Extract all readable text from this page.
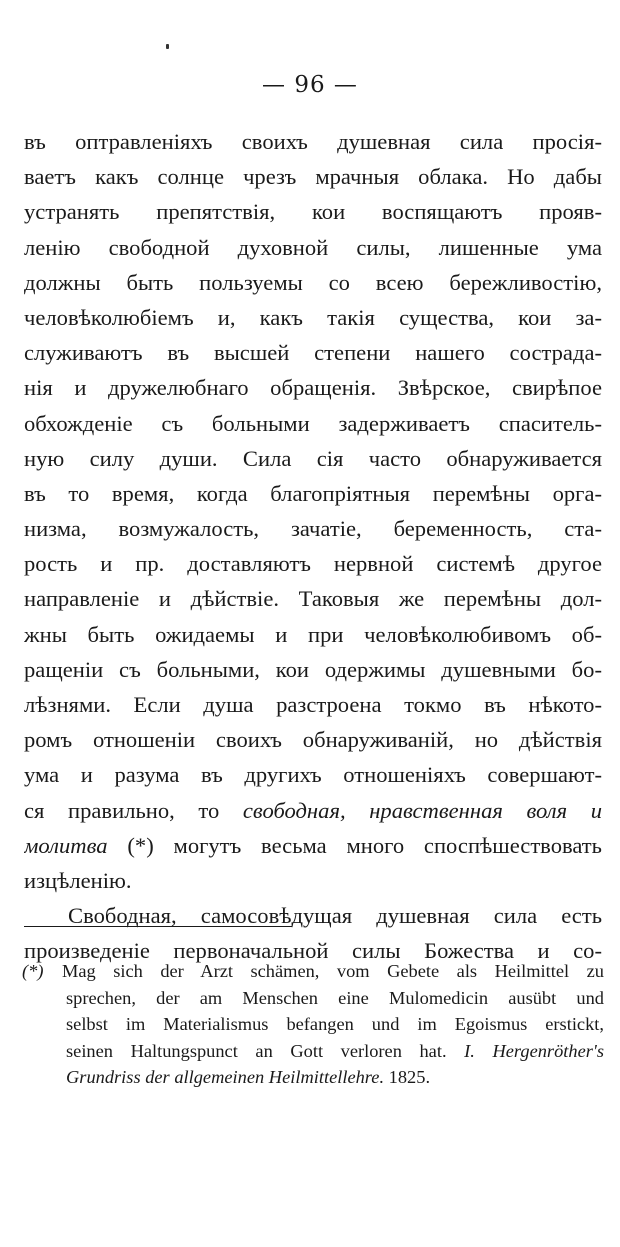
— 96 —
въ оптравленіяхъ своихъ душевная сила просія-
ваетъ какъ солнце чрезъ мрачныя облака. Но дабы
устранять препятствія, кои воспящаютъ прояв-
ленію свободной духовной силы, лишенные ума
должны быть пользуемы со всею бережливостію,
человѣколюбіемъ и, какъ такія существа, кои за-
служиваютъ въ высшей степени нашего сострада-
нія и дружелюбнаго обращенія. Звѣрское, свирѣпое
обхожденіе съ больными задерживаетъ спаситель-
ную силу души. Сила сія часто обнаруживается
въ то время, когда благопріятныя перемѣны орга-
низма, возмужалость, зачатіе, беременность, ста-
рость и пр. доставляютъ нервной системѣ другое
направленіе и дѣйствіе. Таковыя же перемѣны дол-
жны быть ожидаемы и при человѣколюбивомъ об-
ращеніи съ больными, кои одержимы душевными бо-
лѣзнями. Если душа разстроена токмо въ нѣкото-
ромъ отношеніи своихъ обнаруживаній, но дѣйствія
ума и разума въ другихъ отношеніяхъ совершают-
ся правильно, то свободная, нравственная воля и
молитва (*) могутъ весьма много споспѣшествовать
изцѣленію.
Свободная, самосовѣдущая душевная сила есть
произведеніе первоначальной силы Божества и со-
(*) Mag sich der Arzt schämen, vom Gebete als Heilmittel zu
sprechen, der am Menschen eine Mulomedicin ausübt und
selbst im Materialismus befangen und im Egoismus erstickt,
seinen Haltungspunct an Gott verloren hat. I. Hergenröther's
Grundriss der allgemeinen Heilmittellehre. 1825.
